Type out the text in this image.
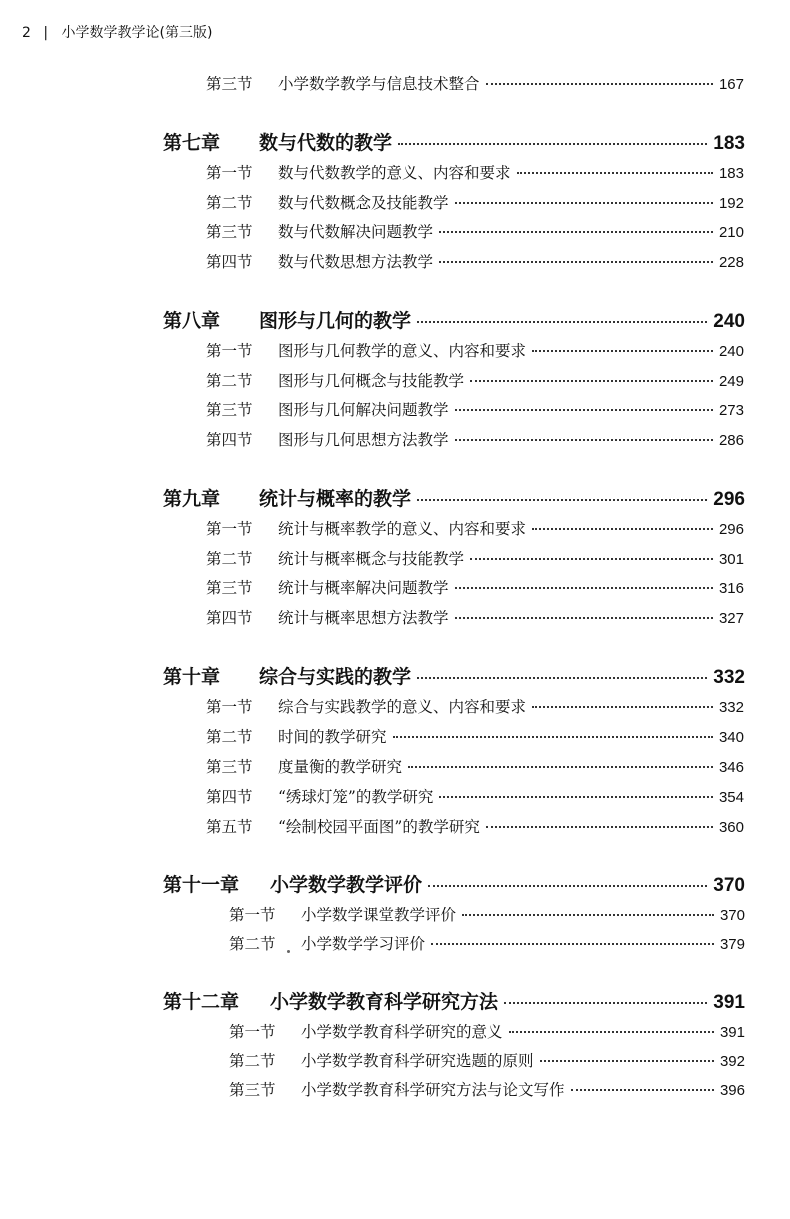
2 | 小学数学教学论(第三版)
第三节	小学数学教学与信息技术整合	167
第七章	数与代数的教学	183
第一节	数与代数教学的意义、内容和要求	183
第二节	数与代数概念及技能教学	192
第三节	数与代数解决问题教学	210
第四节	数与代数思想方法教学	228
第八章	图形与几何的教学	240
第一节	图形与几何教学的意义、内容和要求	240
第二节	图形与几何概念与技能教学	249
第三节	图形与几何解决问题教学	273
第四节	图形与几何思想方法教学	286
第九章	统计与概率的教学	296
第一节	统计与概率教学的意义、内容和要求	296
第二节	统计与概率概念与技能教学	301
第三节	统计与概率解决问题教学	316
第四节	统计与概率思想方法教学	327
第十章	综合与实践的教学	332
第一节	综合与实践教学的意义、内容和要求	332
第二节	时间的教学研究	340
第三节	度量衡的教学研究	346
第四节	“绣球灯笼”的教学研究	354
第五节	“绘制校园平面图”的教学研究	360
第十一章	小学数学教学评价	370
第一节	小学数学课堂教学评价	370
第二节	小学数学学习评价	379
第十二章	小学数学教育科学研究方法	391
第一节	小学数学教育科学研究的意义	391
第二节	小学数学教育科学研究选题的原则	392
第三节	小学数学教育科学研究方法与论文写作	396
